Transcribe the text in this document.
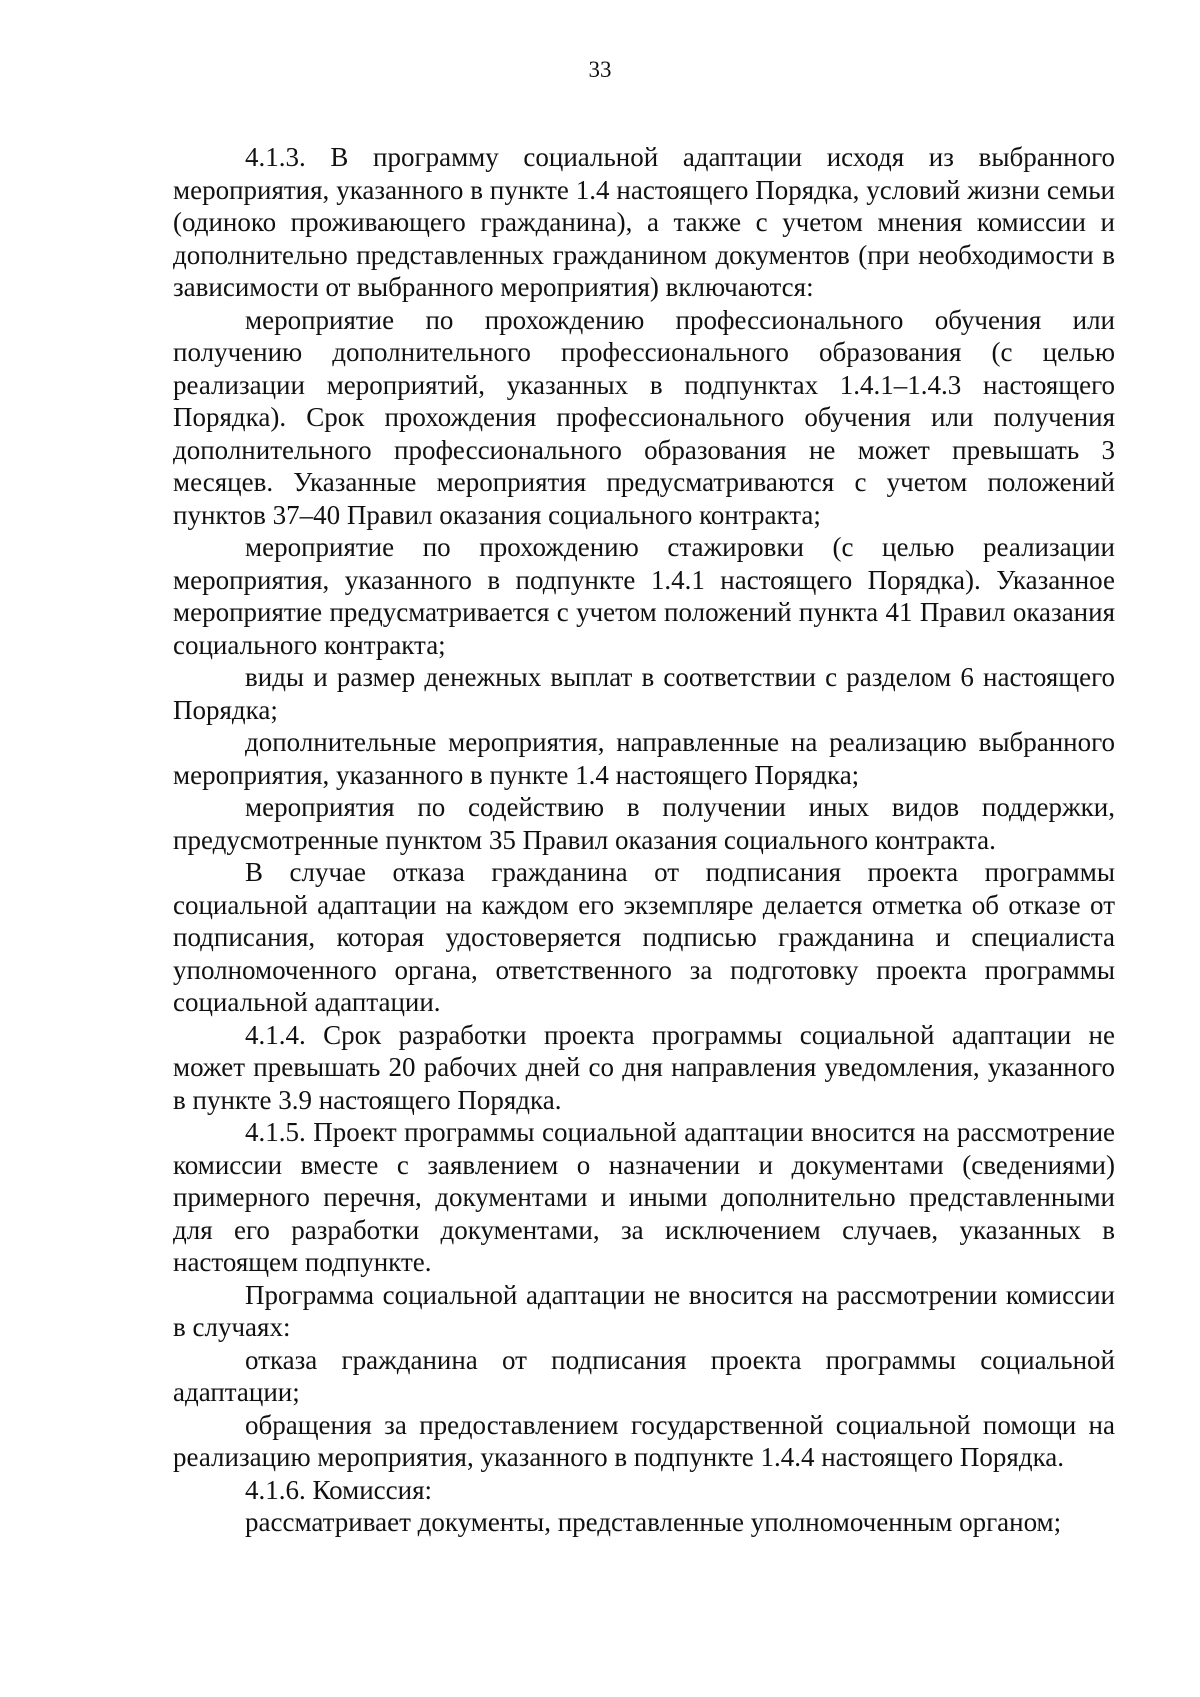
33

4.1.3. В программу социальной адаптации исходя из выбранного мероприятия, указанного в пункте 1.4 настоящего Порядка, условий жизни семьи (одиноко проживающего гражданина), а также с учетом мнения комиссии и дополнительно представленных гражданином документов (при необходимости в зависимости от выбранного мероприятия) включаются:

мероприятие по прохождению профессионального обучения или получению дополнительного профессионального образования (с целью реализации мероприятий, указанных в подпунктах 1.4.1–1.4.3 настоящего Порядка). Срок прохождения профессионального обучения или получения дополнительного профессионального образования не может превышать 3 месяцев. Указанные мероприятия предусматриваются с учетом положений пунктов 37–40 Правил оказания социального контракта;

мероприятие по прохождению стажировки (с целью реализации мероприятия, указанного в подпункте 1.4.1 настоящего Порядка). Указанное мероприятие предусматривается с учетом положений пункта 41 Правил оказания социального контракта;

виды и размер денежных выплат в соответствии с разделом 6 настоящего Порядка;

дополнительные мероприятия, направленные на реализацию выбранного мероприятия, указанного в пункте 1.4 настоящего Порядка;

мероприятия по содействию в получении иных видов поддержки, предусмотренные пунктом 35 Правил оказания социального контракта.

В случае отказа гражданина от подписания проекта программы социальной адаптации на каждом его экземпляре делается отметка об отказе от подписания, которая удостоверяется подписью гражданина и специалиста уполномоченного органа, ответственного за подготовку проекта программы социальной адаптации.

4.1.4. Срок разработки проекта программы социальной адаптации не может превышать 20 рабочих дней со дня направления уведомления, указанного в пункте 3.9 настоящего Порядка.

4.1.5. Проект программы социальной адаптации вносится на рассмотрение комиссии вместе с заявлением о назначении и документами (сведениями) примерного перечня, документами и иными дополнительно представленными для его разработки документами, за исключением случаев, указанных в настоящем подпункте.

Программа социальной адаптации не вносится на рассмотрении комиссии в случаях:

отказа гражданина от подписания проекта программы социальной адаптации;

обращения за предоставлением государственной социальной помощи на реализацию мероприятия, указанного в подпункте 1.4.4 настоящего Порядка.

4.1.6. Комиссия:

рассматривает документы, представленные уполномоченным органом;
